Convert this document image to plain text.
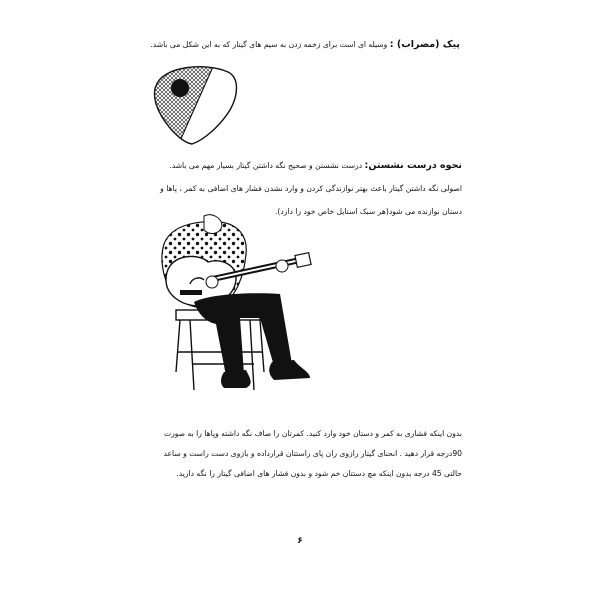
پیک (مضراب) : وسیله ای است برای زخمه زدن به سیم های گیتار که به این شکل می باشد.
نحوه درست نشستن: درست نشستن و صحیح نگه داشتن گیتار بسیار مهم می باشد. اصولی نگه داشتن گیتار باعث بهتر نوازندگی کردن و وارد نشدن فشار های اضافی به کمر ، پاها و دستان نوازنده می شود(هر سبک استایل خاص خود را دارد).
بدون اینکه فشاری به کمر و دستان خود وارد کنید. کمرتان را صاف نگه داشته وپاها را به صورت 90درجه قرار دهید . انحنای گیتار رازوی ران پای راستتان قرارداده و بازوی دست راست و ساعد حالتی 45 درجه بدون اینکه مچ دستتان خم شود و بدون فشار های اضافی گیتار را نگه دارید.
۶
